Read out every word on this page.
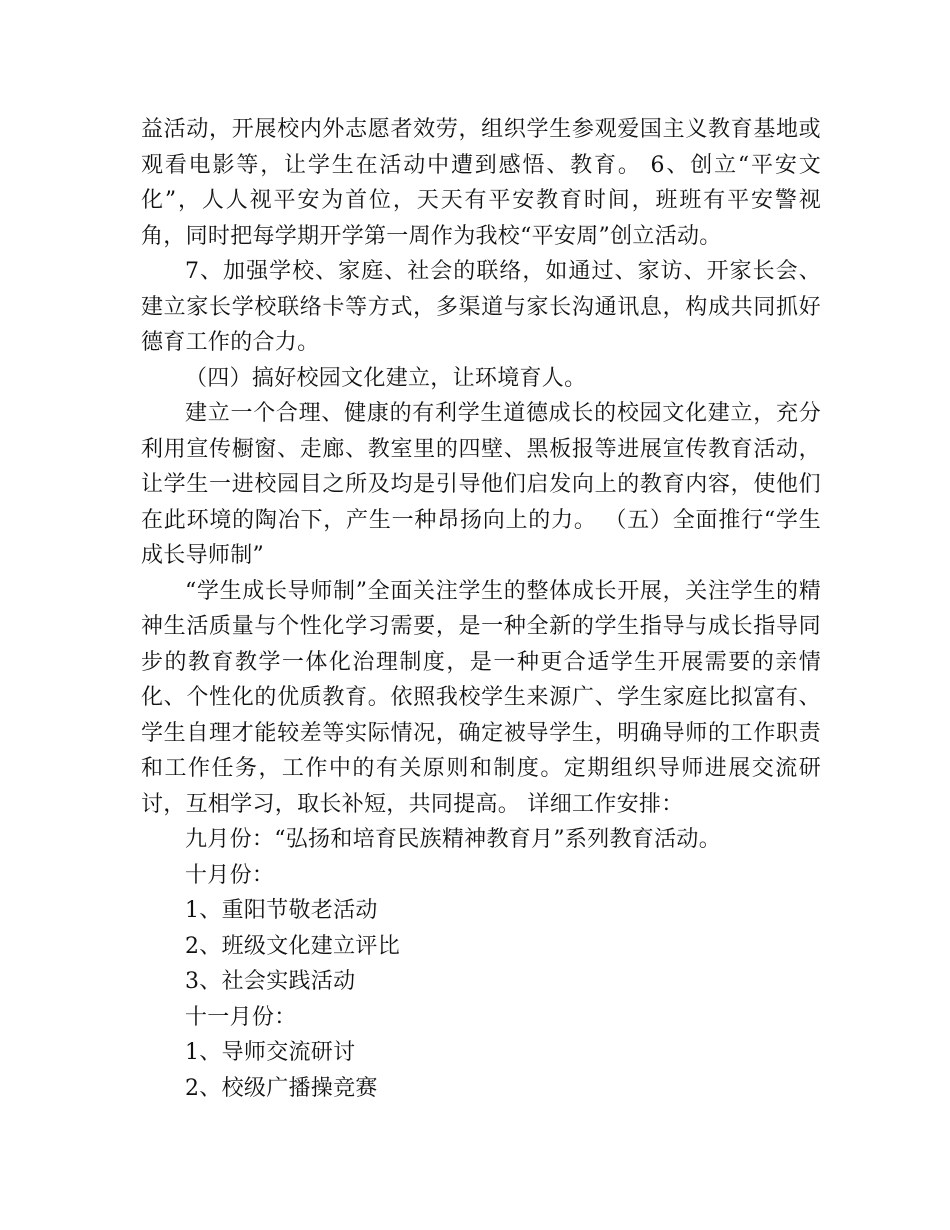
益活动，开展校内外志愿者效劳，组织学生参观爱国主义教育基地或观看电影等，让学生在活动中遭到感悟、教育。 6、创立“平安文化”，人人视平安为首位，天天有平安教育时间，班班有平安警视角，同时把每学期开学第一周作为我校“平安周”创立活动。

7、加强学校、家庭、社会的联络，如通过、家访、开家长会、建立家长学校联络卡等方式，多渠道与家长沟通讯息，构成共同抓好德育工作的合力。

（四）搞好校园文化建立，让环境育人。

建立一个合理、健康的有利学生道德成长的校园文化建立，充分利用宣传橱窗、走廊、教室里的四壁、黑板报等进展宣传教育活动，让学生一进校园目之所及均是引导他们启发向上的教育内容，使他们在此环境的陶冶下，产生一种昂扬向上的力。 （五）全面推行“学生成长导师制”

“学生成长导师制”全面关注学生的整体成长开展，关注学生的精神生活质量与个性化学习需要，是一种全新的学生指导与成长指导同步的教育教学一体化治理制度，是一种更合适学生开展需要的亲情化、个性化的优质教育。依照我校学生来源广、学生家庭比拟富有、学生自理才能较差等实际情况，确定被导学生，明确导师的工作职责和工作任务，工作中的有关原则和制度。定期组织导师进展交流研讨，互相学习，取长补短，共同提高。 详细工作安排：

九月份：“弘扬和培育民族精神教育月”系列教育活动。

十月份：

1、重阳节敬老活动

2、班级文化建立评比

3、社会实践活动

十一月份：

1、导师交流研讨

2、校级广播操竞赛
